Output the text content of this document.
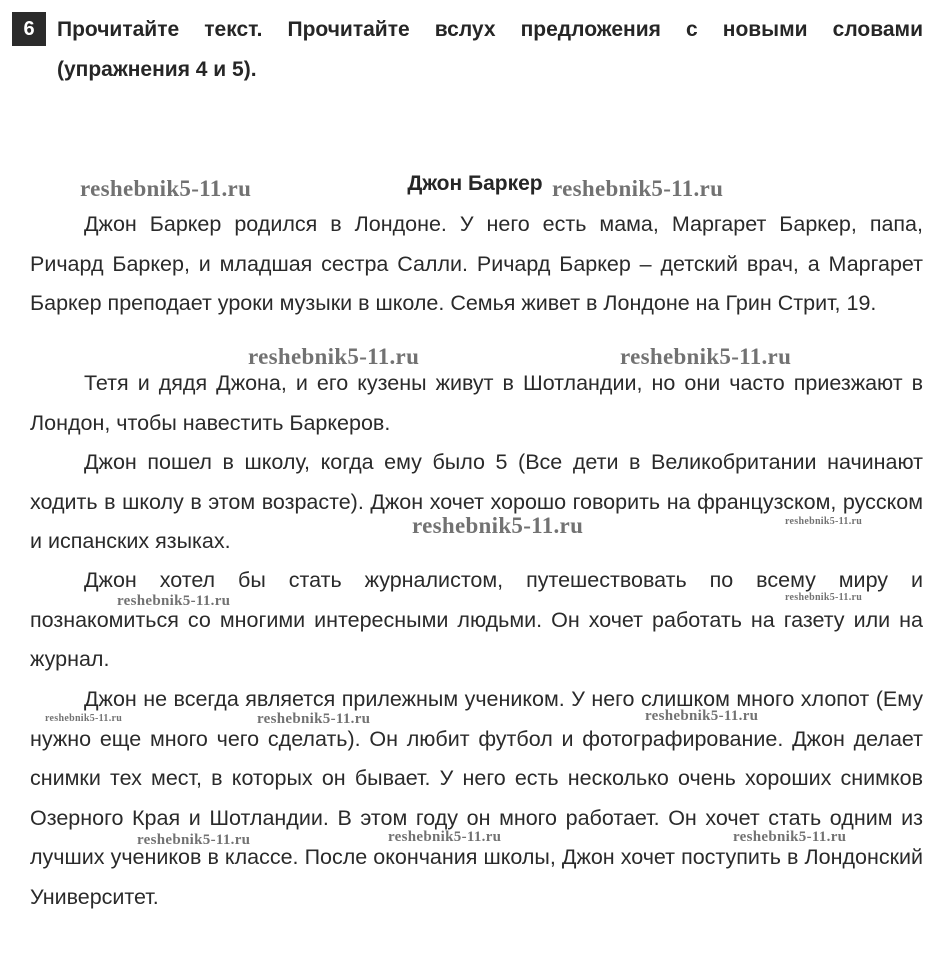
6	Прочитайте текст. Прочитайте вслух предложения с новыми словами (упражнения 4 и 5).
Джон Баркер
Джон Баркер родился в Лондоне. У него есть мама, Маргарет Баркер, папа, Ричард Баркер, и младшая сестра Салли. Ричард Баркер – детский врач, а Маргарет Баркер преподает уроки музыки в школе. Семья живет в Лондоне на Грин Стрит, 19.
Тетя и дядя Джона, и его кузены живут в Шотландии, но они часто приезжают в Лондон, чтобы навестить Баркеров.
Джон пошел в школу, когда ему было 5 (Все дети в Великобритании начинают ходить в школу в этом возрасте). Джон хочет хорошо говорить на французском, русском и испанских языках.
Джон хотел бы стать журналистом, путешествовать по всему миру и познакомиться со многими интересными людьми. Он хочет работать на газету или на журнал.
Джон не всегда является прилежным учеником. У него слишком много хлопот (Ему нужно еще много чего сделать). Он любит футбол и фотографирование. Джон делает снимки тех мест, в которых он бывает. У него есть несколько очень хороших снимков Озерного Края и Шотландии. В этом году он много работает. Он хочет стать одним из лучших учеников в классе. После окончания школы, Джон хочет поступить в Лондонский Университет.
reshebnik5-11.ru	reshebnik5-11.ru
reshebnik5-11.ru	reshebnik5-11.ru
reshebnik5-11.ru	reshebnik5-11.ru
reshebnik5-11.ru	reshebnik5-11.ru
reshebnik5-11.ru	reshebnik5-11.ru	reshebnik5-11.ru
reshebnik5-11.ru	reshebnik5-11.ru	reshebnik5-11.ru
